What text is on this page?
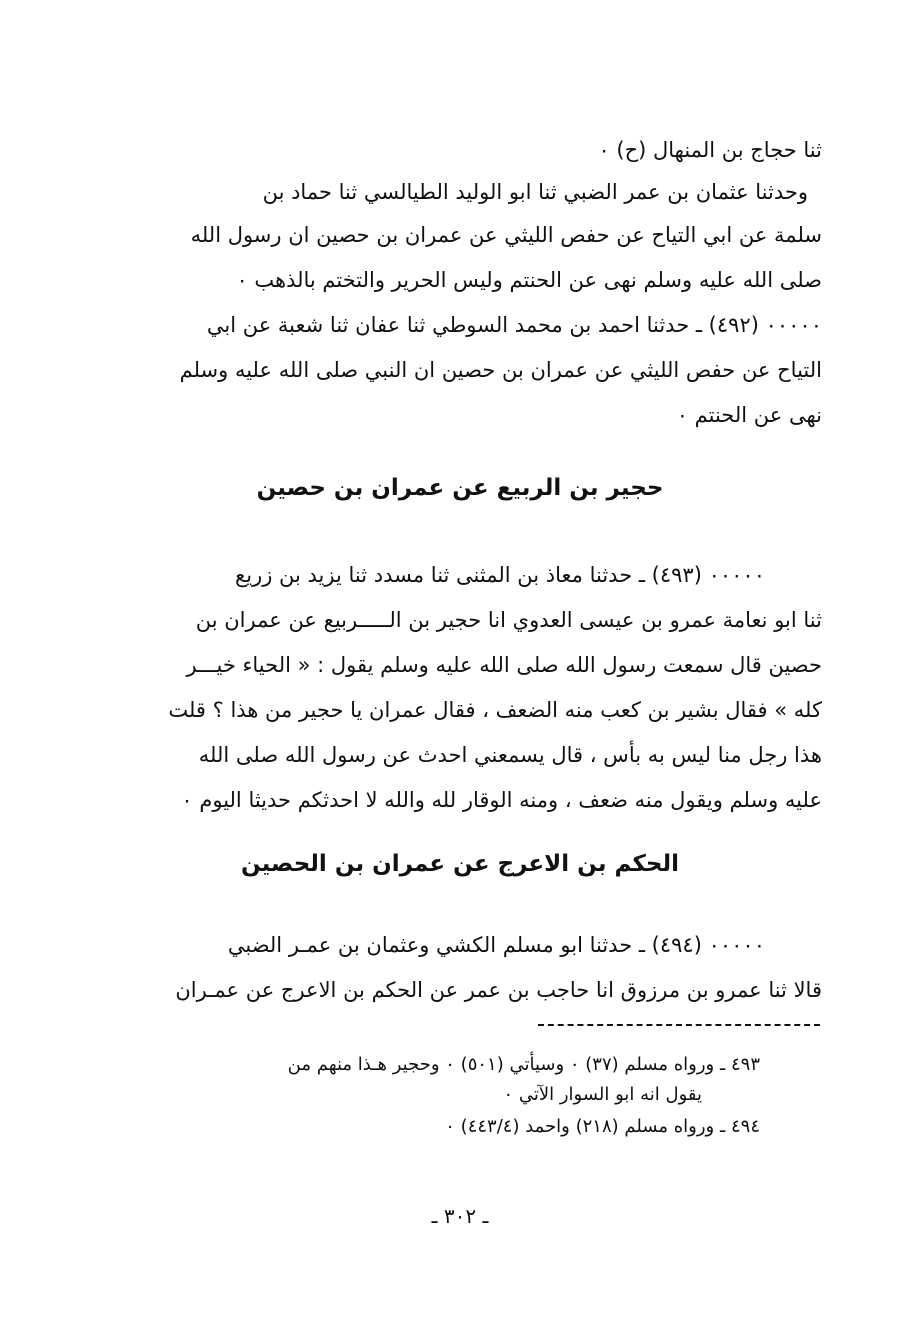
ثنا حجاج بن المنهال (ح) ٠
وحدثنا عثمان بن عمر الضبي ثنا ابو الوليد الطيالسي ثنا حماد بن
سلمة عن ابي التياح عن حفص الليثي عن عمران بن حصين ان رسول الله
صلى الله عليه وسلم نهى عن الحنتم وليس الحرير والتختم بالذهب ٠
٠٠٠٠٠ (٤٩٢) ـ حدثنا احمد بن محمد السوطي ثنا عفان ثنا شعبة عن ابي
التياح عن حفص الليثي عن عمران بن حصين ان النبي صلى الله عليه وسلم
نهى عن الحنتم ٠
حجير بن الربيع عن عمران بن حصين
٠٠٠٠٠ (٤٩٣) ـ حدثنا معاذ بن المثنى ثنا مسدد ثنا يزيد بن زريع
ثنا ابو نعامة عمرو بن عيسى العدوي انا حجير بن الـــــربيع عن عمران بن
حصين قال سمعت رسول الله صلى الله عليه وسلم يقول : « الحياء خيـــر
كله » فقال بشير بن كعب منه الضعف ، فقال عمران يا حجير من هذا ؟ قلت
هذا رجل منا ليس به بأس ، قال يسمعني احدث عن رسول الله صلى الله
عليه وسلم ويقول منه ضعف ، ومنه الوقار لله والله لا احدثكم حديثا اليوم ٠
الحكم بن الاعرج عن عمران بن الحصين
٠٠٠٠٠ (٤٩٤) ـ حدثنا ابو مسلم الكشي وعثمان بن عمـر الضبي
قالا ثنا عمرو بن مرزوق انا حاجب بن عمر عن الحكم بن الاعرج عن عمـران
٤٩٣ ـ ورواه مسلم (٣٧) ٠ وسيأتي (٥٠١) ٠ وحجير هـذا منهم من
يقول انه ابو السوار الآتي ٠
٤٩٤ ـ ورواه مسلم (٢١٨) واحمد (٤٤٣/٤) ٠
ـ ٣٠٢ ـ
